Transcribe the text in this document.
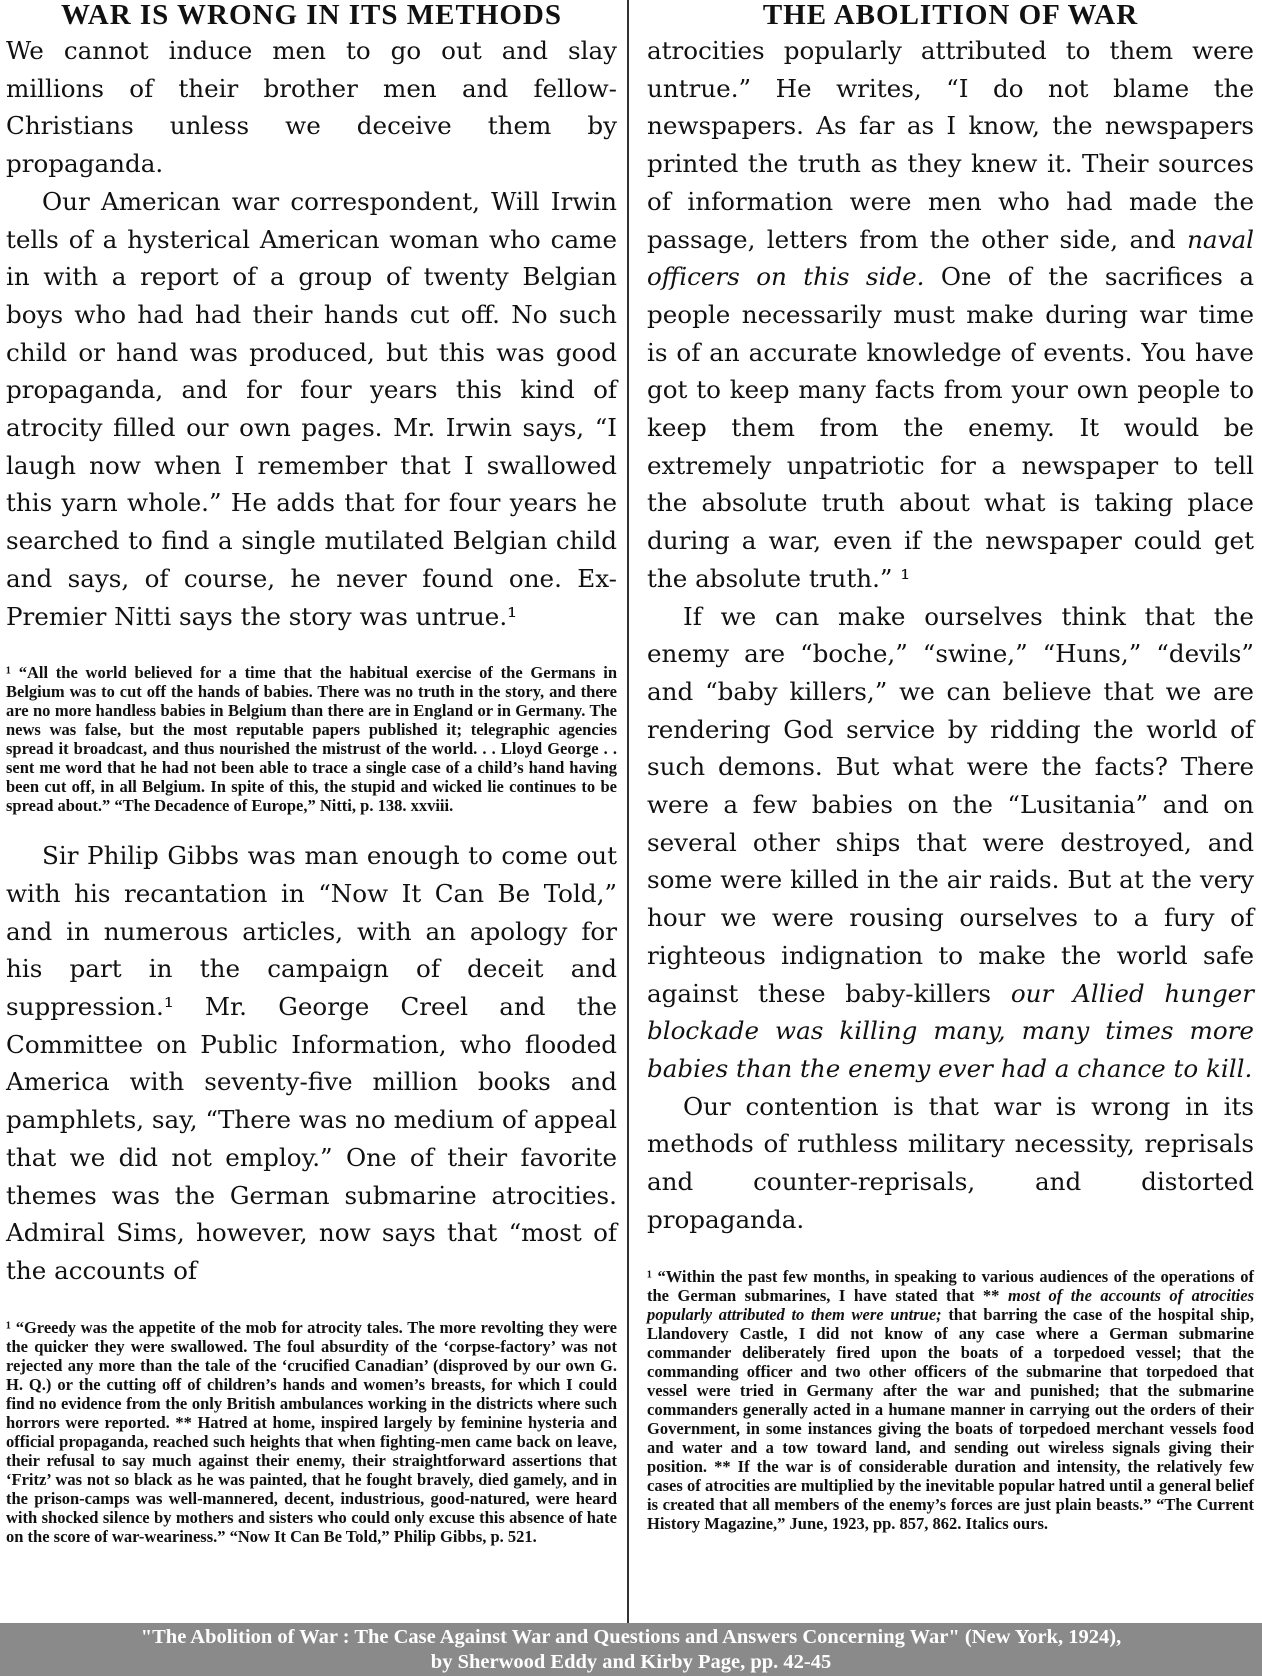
WAR IS WRONG IN ITS METHODS

We cannot induce men to go out and slay millions of their brother men and fellow-Christians unless we deceive them by propaganda.

Our American war correspondent, Will Irwin tells of a hysterical American woman who came in with a report of a group of twenty Belgian boys who had had their hands cut off. No such child or hand was produced, but this was good propaganda, and for four years this kind of atrocity filled our own pages. Mr. Irwin says, “I laugh now when I remember that I swallowed this yarn whole.” He adds that for four years he searched to find a single mutilated Belgian child and says, of course, he never found one. Ex-Premier Nitti says the story was untrue.¹

¹ “All the world believed for a time that the habitual exercise of the Germans in Belgium was to cut off the hands of babies. There was no truth in the story, and there are no more handless babies in Belgium than there are in England or in Germany. The news was false, but the most reputable papers published it; telegraphic agencies spread it broadcast, and thus nourished the mistrust of the world. . . Lloyd George . . sent me word that he had not been able to trace a single case of a child’s hand having been cut off, in all Belgium. In spite of this, the stupid and wicked lie continues to be spread about.” “The Decadence of Europe,” Nitti, p. 138. xxviii.

Sir Philip Gibbs was man enough to come out with his recantation in “Now It Can Be Told,” and in numerous articles, with an apology for his part in the campaign of deceit and suppression.¹ Mr. George Creel and the Committee on Public Information, who flooded America with seventy-five million books and pamphlets, say, “There was no medium of appeal that we did not employ.” One of their favorite themes was the German submarine atrocities. Admiral Sims, however, now says that “most of the accounts of

¹ “Greedy was the appetite of the mob for atrocity tales. The more revolting they were the quicker they were swallowed. The foul absurdity of the ‘corpse-factory’ was not rejected any more than the tale of the ‘crucified Canadian’ (disproved by our own G. H. Q.) or the cutting off of children’s hands and women’s breasts, for which I could find no evidence from the only British ambulances working in the districts where such horrors were reported. ** Hatred at home, inspired largely by feminine hysteria and official propaganda, reached such heights that when fighting-men came back on leave, their refusal to say much against their enemy, their straightforward assertions that ‘Fritz’ was not so black as he was painted, that he fought bravely, died gamely, and in the prison-camps was well-mannered, decent, industrious, good-natured, were heard with shocked silence by mothers and sisters who could only excuse this absence of hate on the score of war-weariness.” “Now It Can Be Told,” Philip Gibbs, p. 521.

THE ABOLITION OF WAR

atrocities popularly attributed to them were untrue.” He writes, “I do not blame the newspapers. As far as I know, the newspapers printed the truth as they knew it. Their sources of information were men who had made the passage, letters from the other side, and naval officers on this side. One of the sacrifices a people necessarily must make during war time is of an accurate knowledge of events. You have got to keep many facts from your own people to keep them from the enemy. It would be extremely unpatriotic for a newspaper to tell the absolute truth about what is taking place during a war, even if the newspaper could get the absolute truth.” ¹

If we can make ourselves think that the enemy are “boche,” “swine,” “Huns,” “devils” and “baby killers,” we can believe that we are rendering God service by ridding the world of such demons. But what were the facts? There were a few babies on the “Lusitania” and on several other ships that were destroyed, and some were killed in the air raids. But at the very hour we were rousing ourselves to a fury of righteous indignation to make the world safe against these baby-killers our Allied hunger blockade was killing many, many times more babies than the enemy ever had a chance to kill.

Our contention is that war is wrong in its methods of ruthless military necessity, reprisals and counter-reprisals, and distorted propaganda.

¹ “Within the past few months, in speaking to various audiences of the operations of the German submarines, I have stated that ** most of the accounts of atrocities popularly attributed to them were untrue; that barring the case of the hospital ship, Llandovery Castle, I did not know of any case where a German submarine commander deliberately fired upon the boats of a torpedoed vessel; that the commanding officer and two other officers of the submarine that torpedoed that vessel were tried in Germany after the war and punished; that the submarine commanders generally acted in a humane manner in carrying out the orders of their Government, in some instances giving the boats of torpedoed merchant vessels food and water and a tow toward land, and sending out wireless signals giving their position. ** If the war is of considerable duration and intensity, the relatively few cases of atrocities are multiplied by the inevitable popular hatred until a general belief is created that all members of the enemy’s forces are just plain beasts.” “The Current History Magazine,” June, 1923, pp. 857, 862. Italics ours.

"The Abolition of War : The Case Against War and Questions and Answers Concerning War" (New York, 1924),
by Sherwood Eddy and Kirby Page, pp. 42-45
